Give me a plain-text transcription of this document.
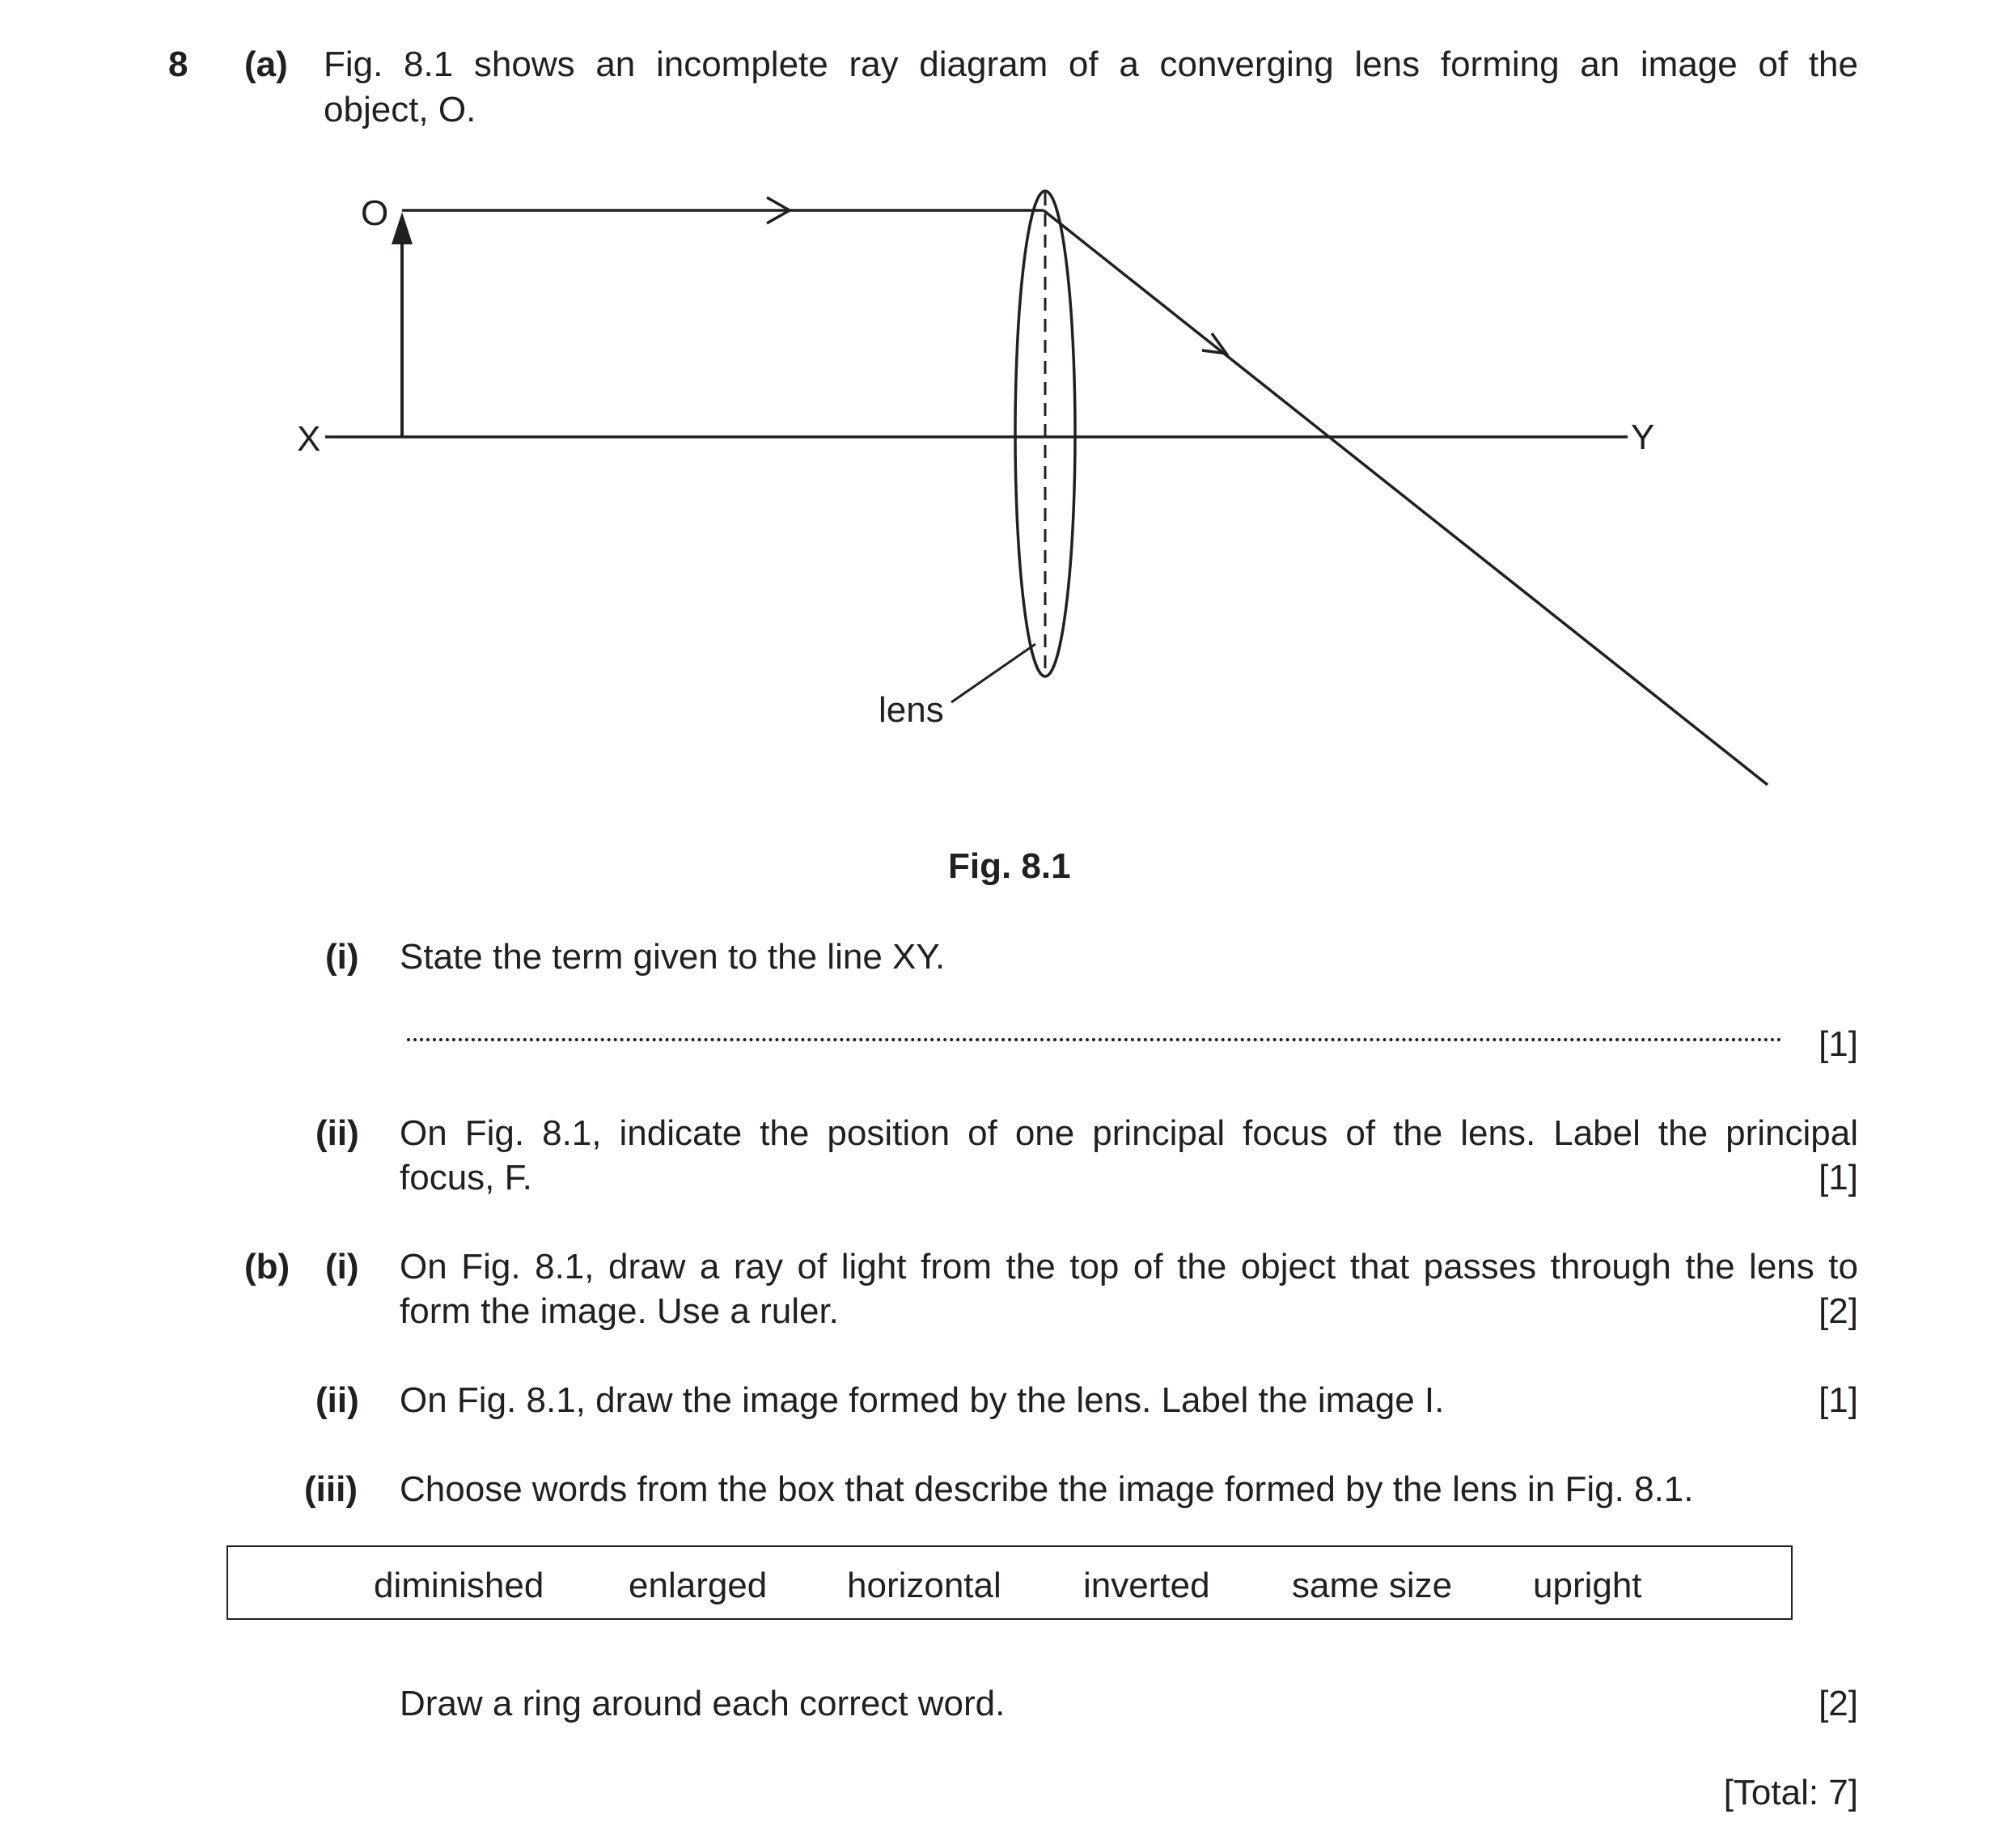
8 (a) Fig. 8.1 shows an incomplete ray diagram of a converging lens forming an image of the
object, O.
O
X	Y
lens
Fig. 8.1
(i) State the term given to the line XY.
[1]
(ii) On Fig. 8.1, indicate the position of one principal focus of the lens. Label the principal
focus, F.	[1]
(b) (i) On Fig. 8.1, draw a ray of light from the top of the object that passes through the lens to
form the image. Use a ruler.	[2]
(ii) On Fig. 8.1, draw the image formed by the lens. Label the image I.	[1]
(iii) Choose words from the box that describe the image formed by the lens in Fig. 8.1.
diminished enlarged horizontal inverted same size upright
Draw a ring around each correct word.	[2]
[Total: 7]
